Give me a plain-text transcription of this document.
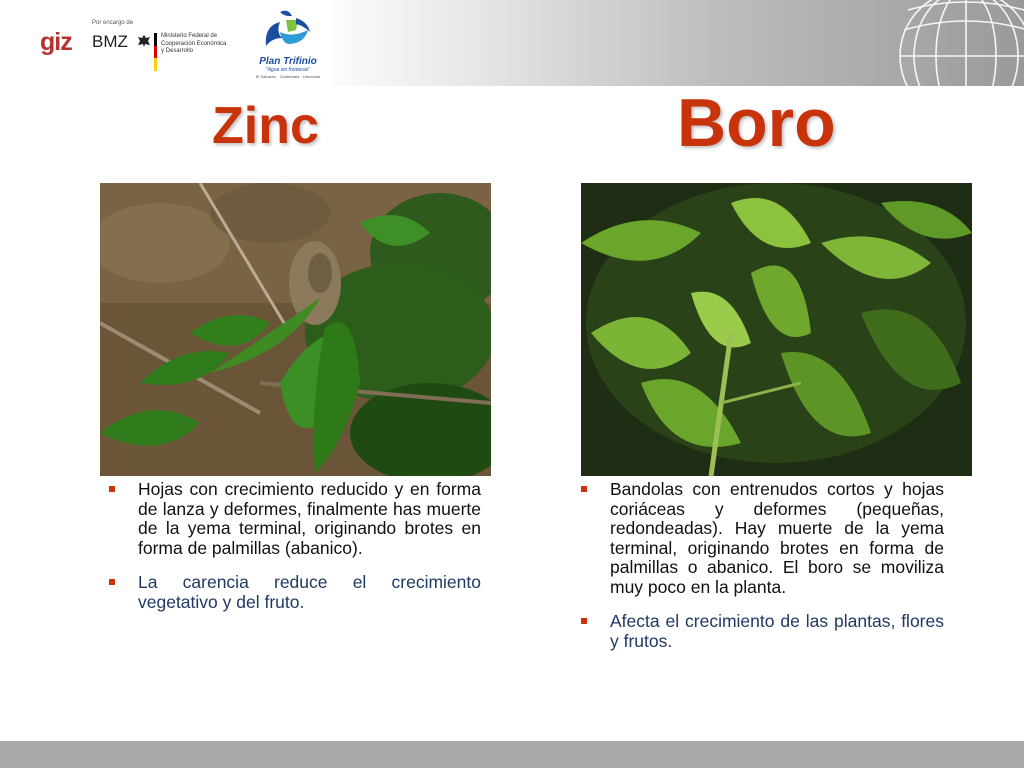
giz
Por encargo de
BMZ	Ministerio Federal de
Cooperación Económica
y Desarrollo
Plan Trifinio
"Agua sin fronteras"
El Salvador · Guatemala · Honduras
Zinc	Boro
Hojas con crecimiento reducido y en forma de lanza y deformes, finalmente has muerte de la yema terminal, originando brotes en forma de palmillas (abanico).
La carencia reduce el crecimiento vegetativo y del fruto.
Bandolas con entrenudos cortos y hojas coriáceas y deformes (pequeñas, redondeadas). Hay muerte de la yema terminal, originando brotes en forma de palmillas o abanico. El boro se moviliza muy poco en la planta.
Afecta el crecimiento de las plantas, flores y frutos.
